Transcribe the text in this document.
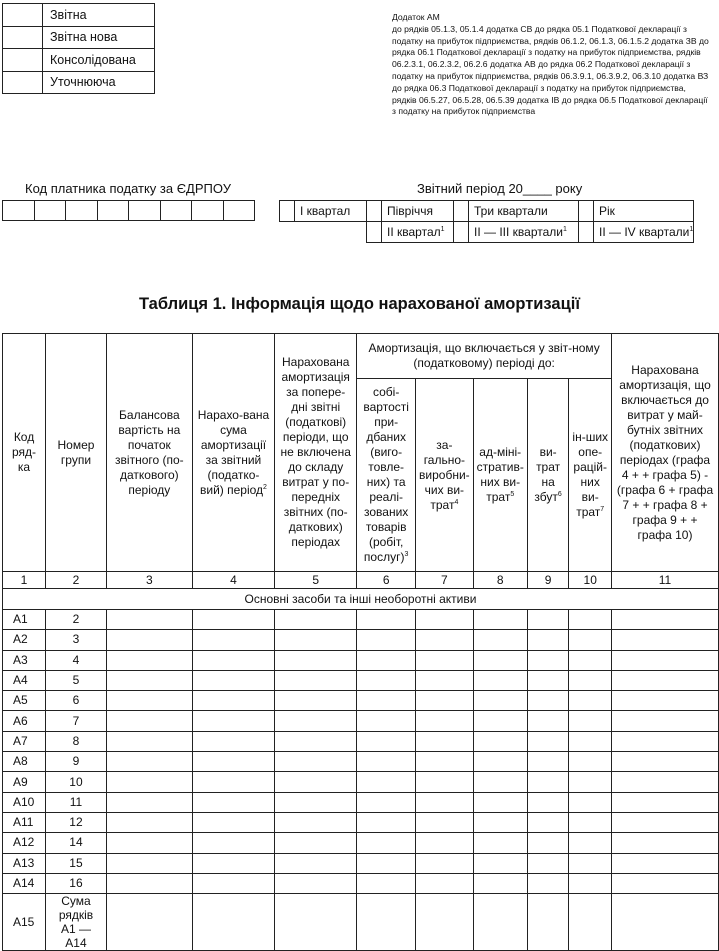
	Звітна
	Звітна нова
	Консолідована
	Уточнююча
Додаток АМ
до рядків 05.1.3, 05.1.4 додатка СВ до рядка 05.1 Податкової декларації з податку на прибуток підприємства, рядків 06.1.2, 06.1.3, 06.1.5.2 додатка ЗВ до рядка 06.1 Податкової декларації з податку на прибуток підприємства, рядків 06.2.3.1, 06.2.3.2, 06.2.6 додатка АВ до рядка 06.2 Податкової декларації з податку на прибуток підприємства, рядків 06.3.9.1, 06.3.9.2, 06.3.10 додатка ВЗ до рядка 06.3 Податкової декларації з податку на прибуток підприємства, рядків 06.5.27, 06.5.28, 06.5.39 додатка ІВ до рядка 06.5 Податкової декларації з податку на прибуток підприємства
Код платника податку за ЄДРПОУ
								Звітний період 20____ року
	І квартал		Півріччя		Три квартали		Рік
			ІІ квартал$^1$		ІІ — ІІІ квартали$^1$		ІІ — IV квартали$^1$
Таблиця 1. Інформація щодо нарахованої амортизації
Код ряд-ка	Номер групи	Балансова вартість на початок звітного (по-даткового) періоду	Нарахо-вана сума амортизації за звітний (податко-вий) період$^2$	Нарахована амортизація за попере-дні звітні (податкові) періоди, що не включена до складу витрат у по-передніх звітних (по-даткових) періодах	Амортизація, що включається у звіт-ному (податковому) періоді до:					Нарахована амортизація, що включається до витрат у май-бутніх звітних (податкових) періодах (графа 4 + + графа 5) - (графа 6 + графа 7 + + графа 8 + графа 9 + + графа 10)
					собі-вартості при-дбаних (виго-товле-них) та реалі-зованих товарів (робіт, послуг)$^3$	за-гально-виробни-чих ви-трат$^4$	ад-міні-стратив-них ви-трат$^5$	ви-трат на збут$^6$	ін-ших опе-рацій-них ви-трат$^7$
1	2	3	4	5	6	7	8	9	10	11
Основні засоби та інші необоротні активи										
А1	2									
А2	3									
А3	4									
А4	5									
А5	6									
А6	7									
А7	8									
А8	9									
А9	10									
А10	11									
А11	12									
А12	14									
А13	15									
А14	16									
А15	Сума рядків А1 — А14									
